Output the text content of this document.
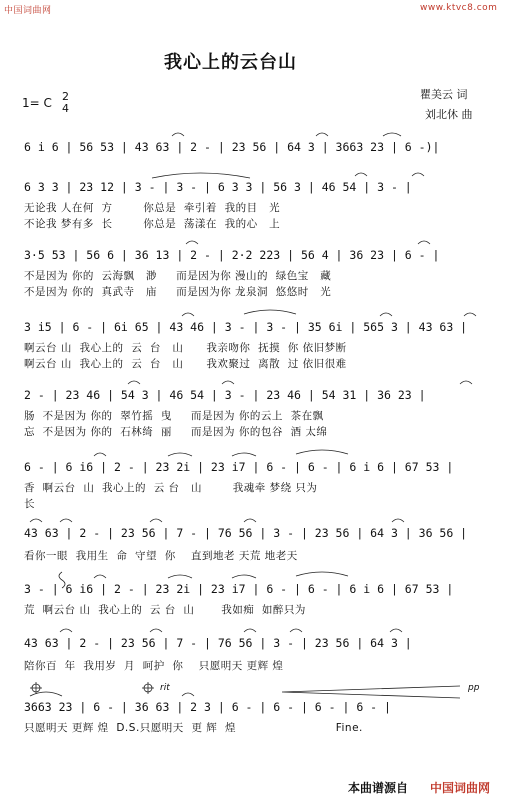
中国词曲网	www.ktvc8.com
我心上的云台山
1= C 2
4
瞿美云 词
刘北休 曲
6 i 6 | 56 53 | 43 63 | 2 - | 23 56 | 64 3 | 3663 23 | 6 -)|
6 3 3 | 23 12 | 3 - | 3 - | 6 3 3 | 56 3 | 46 54 | 3 - |
无论我 人在何  方        你总是  牵引着  我的目   光
不论我 梦有多  长        你总是  荡漾在  我的心   上
3·5 53 | 56 6 | 36 13 | 2 - | 2·2 223 | 56 4 | 36 23 | 6 - |
不是因为 你的  云海飘   渺     而是因为你 漫山的  绿色宝   藏
不是因为 你的  真武寺   庙     而是因为你 龙泉洞  悠悠时   光
3 i5 | 6 - | 6i 65 | 43 46 | 3 - | 3 - | 35 6i | 565 3 | 43 63 |
啊云台 山  我心上的  云  台   山      我亲吻你  抚摸  你 依旧梦断
啊云台 山  我心上的  云  台   山      我欢聚过  离散  过 依旧很难
2 - | 23 46 | 54 3 | 46 54 | 3 - | 23 46 | 54 31 | 36 23 |
肠  不是因为 你的  翠竹摇  曳     而是因为 你的云上  茶在飘
忘  不是因为 你的  石林绮  丽     而是因为 你的包谷  酒 太绵
6 - | 6 i6 | 2 - | 23 2i | 23 i7 | 6 - | 6 - | 6 i 6 | 67 53 |
香  啊云台  山  我心上的  云 台   山        我魂牵 梦绕 只为
长
43 63 | 2 - | 23 56 | 7 - | 76 56 | 3 - | 23 56 | 64 3 | 36 56 |
看你一眼  我用生  命  守望  你    直到地老 天荒 地老天
3 - | 6 i6 | 2 - | 23 2i | 23 i7 | 6 - | 6 - | 6 i 6 | 67 53 |
荒  啊云台 山  我心上的  云 台  山       我如痴  如醉只为
43 63 | 2 - | 23 56 | 7 - | 76 56 | 3 - | 23 56 | 64 3 |
陪你百  年  我用岁  月  呵护  你    只愿明天 更辉 煌
3663 23 | 6 - | 36 63 | 2 3 | 6 - | 6 - | 6 - | 6 - |
只愿明天 更辉 煌  D.S.只愿明天  更 辉  煌                          Fine.
rit	pp
本曲谱源自 中国词曲网
